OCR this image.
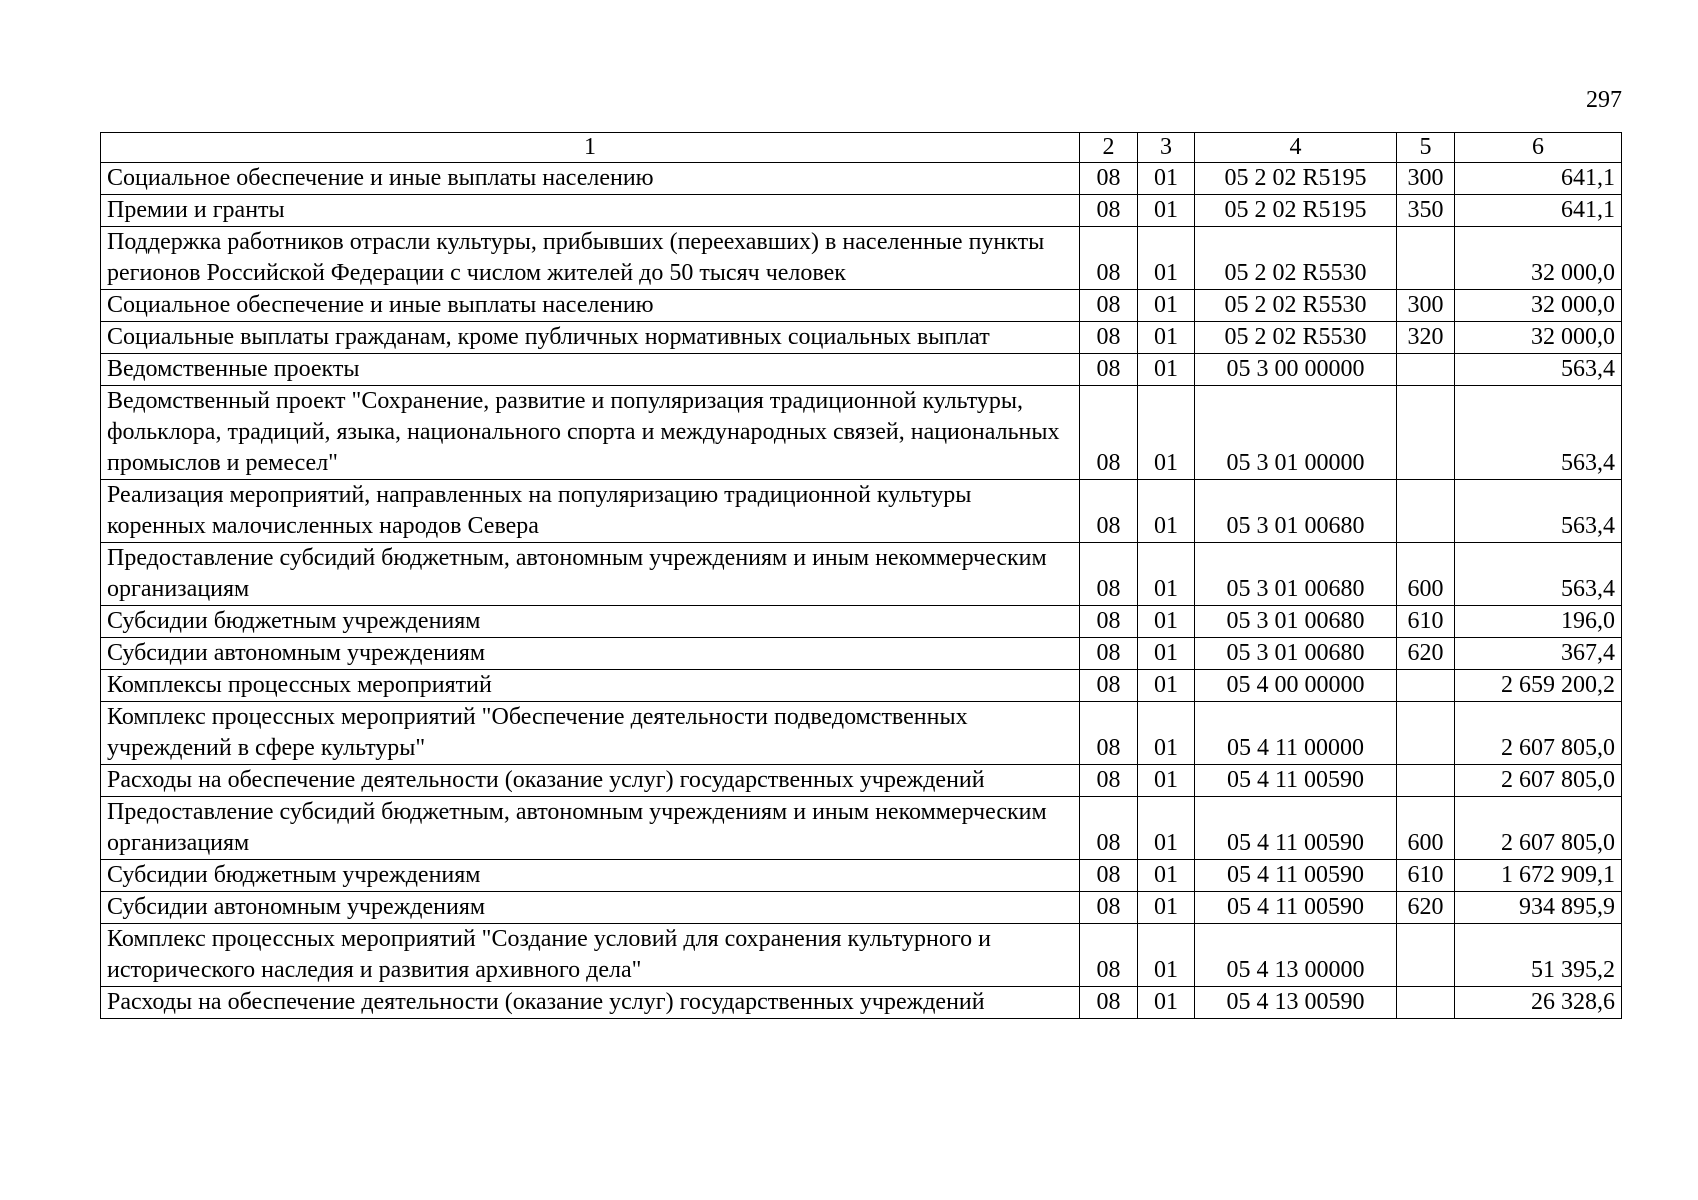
297
1	2	3	4	5	6
Социальное обеспечение и иные выплаты населению	08	01	05 2 02 R5195	300	641,1
Премии и гранты	08	01	05 2 02 R5195	350	641,1
Поддержка работников отрасли культуры, прибывших (переехавших) в населенные пункты регионов Российской Федерации с числом жителей до 50 тысяч человек	08	01	05 2 02 R5530		32 000,0
Социальное обеспечение и иные выплаты населению	08	01	05 2 02 R5530	300	32 000,0
Социальные выплаты гражданам, кроме публичных нормативных социальных выплат	08	01	05 2 02 R5530	320	32 000,0
Ведомственные проекты	08	01	05 3 00 00000		563,4
Ведомственный проект "Сохранение, развитие и популяризация традиционной культуры, фольклора, традиций, языка, национального спорта и международных связей, национальных промыслов и ремесел"	08	01	05 3 01 00000		563,4
Реализация мероприятий, направленных на популяризацию традиционной культуры коренных малочисленных народов Севера	08	01	05 3 01 00680		563,4
Предоставление субсидий бюджетным, автономным учреждениям и иным некоммерческим организациям	08	01	05 3 01 00680	600	563,4
Субсидии бюджетным учреждениям	08	01	05 3 01 00680	610	196,0
Субсидии автономным учреждениям	08	01	05 3 01 00680	620	367,4
Комплексы процессных мероприятий	08	01	05 4 00 00000		2 659 200,2
Комплекс процессных мероприятий "Обеспечение деятельности подведомственных учреждений в сфере культуры"	08	01	05 4 11 00000		2 607 805,0
Расходы на обеспечение деятельности (оказание услуг) государственных учреждений	08	01	05 4 11 00590		2 607 805,0
Предоставление субсидий бюджетным, автономным учреждениям и иным некоммерческим организациям	08	01	05 4 11 00590	600	2 607 805,0
Субсидии бюджетным учреждениям	08	01	05 4 11 00590	610	1 672 909,1
Субсидии автономным учреждениям	08	01	05 4 11 00590	620	934 895,9
Комплекс процессных мероприятий "Создание условий для сохранения культурного и исторического наследия и развития архивного дела"	08	01	05 4 13 00000		51 395,2
Расходы на обеспечение деятельности (оказание услуг) государственных учреждений	08	01	05 4 13 00590		26 328,6
